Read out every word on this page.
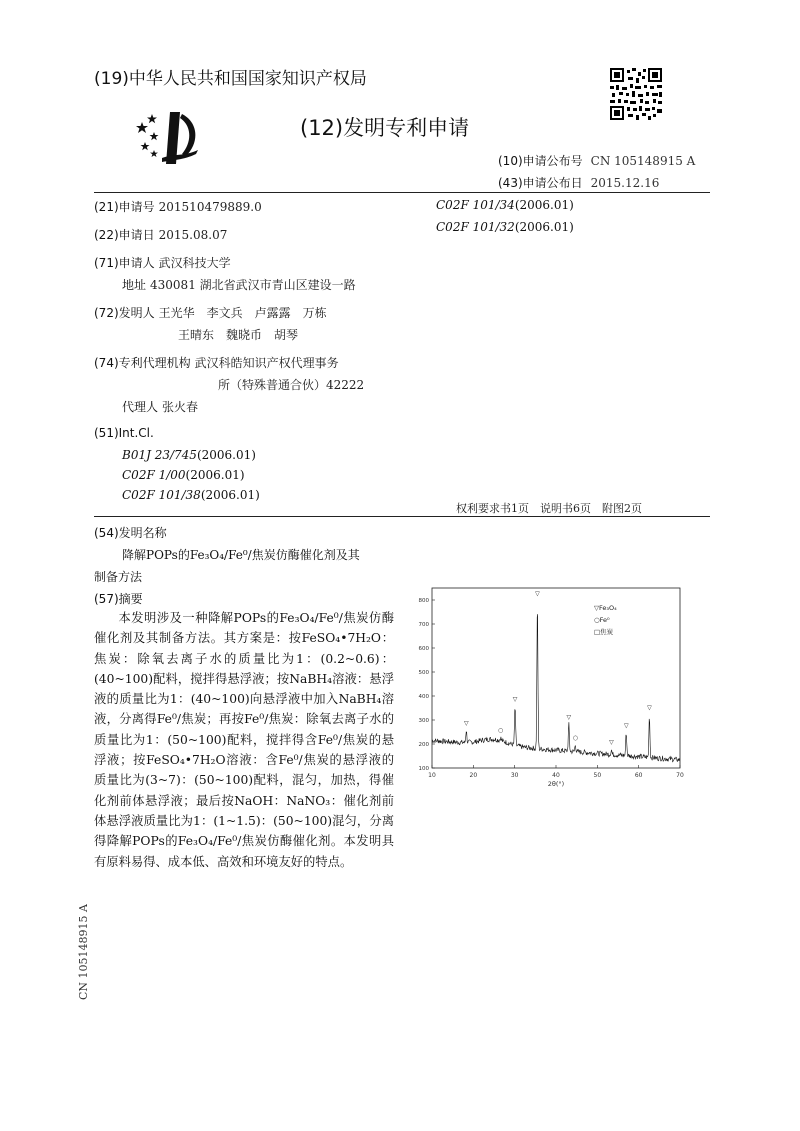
(19)中华人民共和国国家知识产权局
(12)发明专利申请
(10)申请公布号 CN 105148915 A
(43)申请公布日 2015.12.16
(21)申请号 201510479889.0
(22)申请日 2015.08.07
(71)申请人 武汉科技大学
地址 430081 湖北省武汉市青山区建设一路
(72)发明人 王光华　李文兵　卢露露　万栋
王晴东　魏晓币　胡琴
(74)专利代理机构 武汉科皓知识产权代理事务
所（特殊普通合伙）42222
代理人 张火春
(51)Int.Cl.
B01J 23/745(2006.01)
C02F 1/00(2006.01)
C02F 101/38(2006.01)
C02F 101/34(2006.01)
C02F 101/32(2006.01)
权利要求书1页　说明书6页　附图2页
(54)发明名称
降解POPs的Fe₃O₄/Fe⁰/焦炭仿酶催化剂及其
制备方法
(57)摘要
本发明涉及一种降解POPs的Fe₃O₄/Fe⁰/焦炭仿酶催化剂及其制备方法。其方案是：按FeSO₄•7H₂O：焦炭：除氧去离子水的质量比为1：(0.2~0.6)：(40~100)配料，搅拌得悬浮液；按NaBH₄溶液：悬浮液的质量比为1：(40~100)向悬浮液中加入NaBH₄溶液，分离得Fe⁰/焦炭；再按Fe⁰/焦炭：除氧去离子水的质量比为1：(50~100)配料，搅拌得含Fe⁰/焦炭的悬浮液；按FeSO₄•7H₂O溶液：含Fe⁰/焦炭的悬浮液的质量比为(3~7)：(50~100)配料，混匀，加热，得催化剂前体悬浮液；最后按NaOH：NaNO₃：催化剂前体悬浮液质量比为1：(1~1.5)：(50~100)混匀，分离得降解POPs的Fe₃O₄/Fe⁰/焦炭仿酶催化剂。本发明具有原料易得、成本低、高效和环境友好的特点。
CN 105148915 A
10	20	30	40	50	60	70
100
200
300
400
500
600
700
800
2θ(°)
▽
○
▽
▽
▽
○
▽
▽
▽
▽Fe₃O₄
○Fe⁰
□焦炭
